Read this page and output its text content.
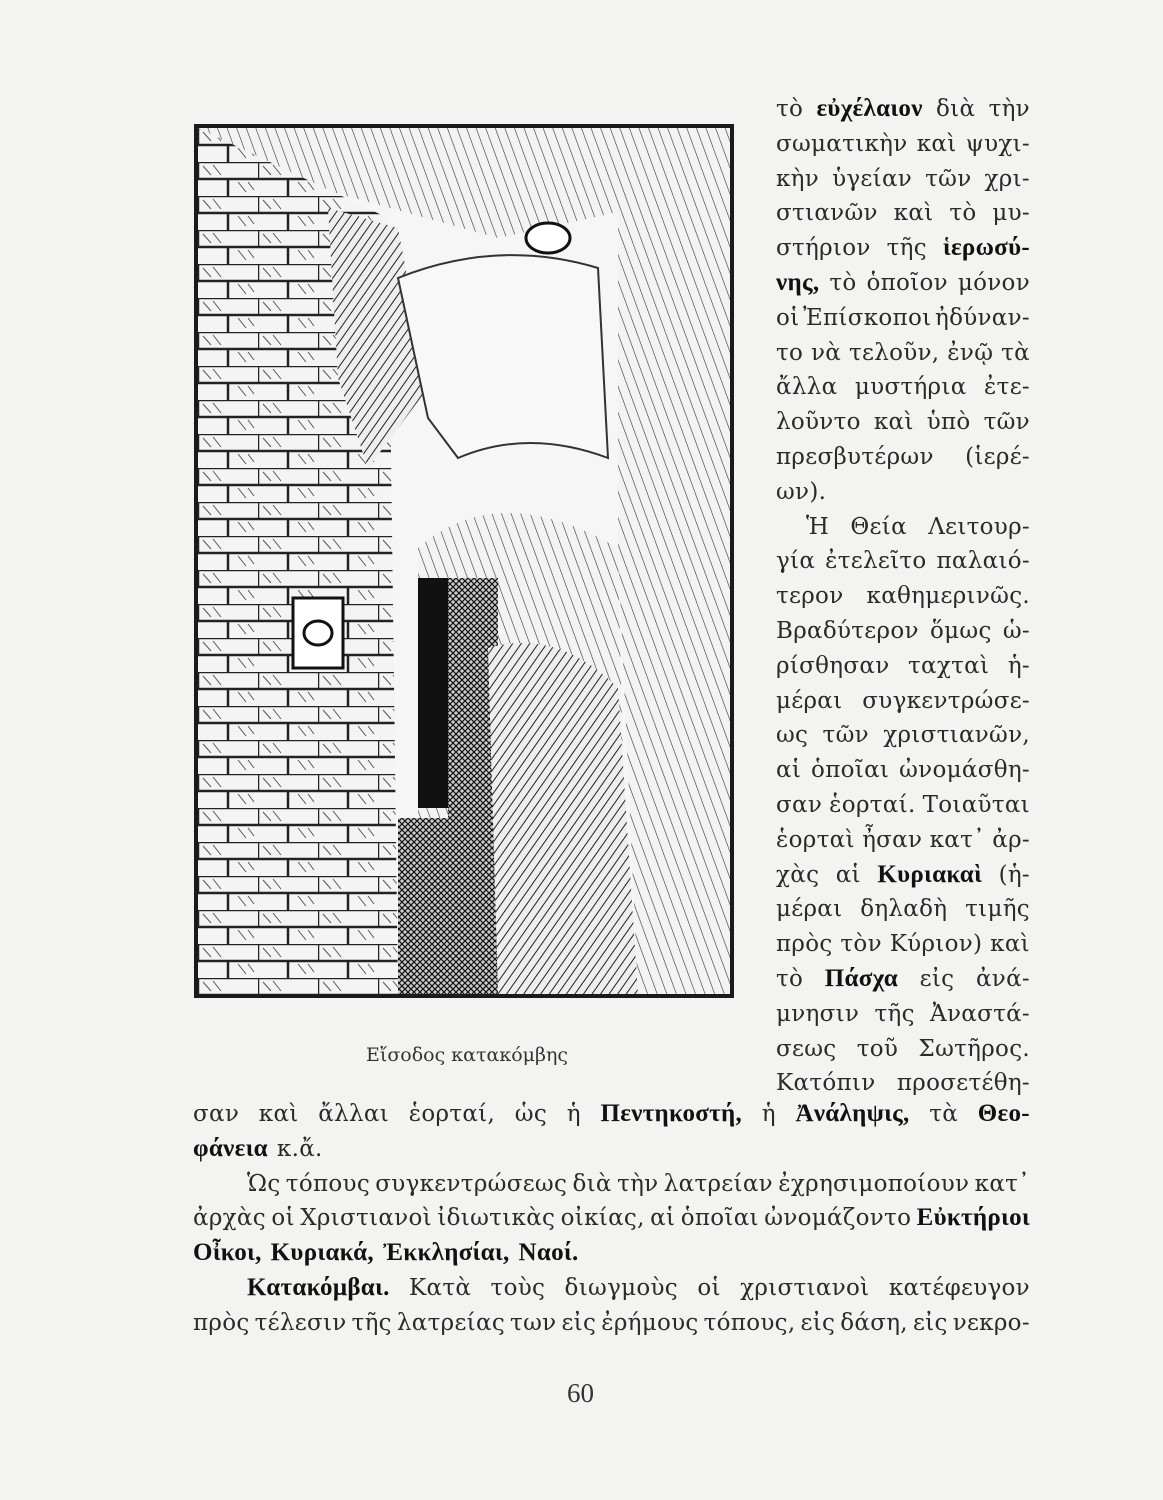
Εἴσοδος κατακόμβης
τὸ εὐχέλαιον διὰ τὴν
σωματικὴν καὶ ψυχι-
κὴν ὑγείαν τῶν χρι-
στιανῶν καὶ τὸ μυ-
στήριον τῆς ἱερωσύ-
νης, τὸ ὁποῖον μόνον
οἱ Ἐπίσκοποι ἠδύναν-
το νὰ τελοῦν, ἐνῷ τὰ
ἄλλα μυστήρια ἐτε-
λοῦντο καὶ ὑπὸ τῶν
πρεσβυτέρων (ἱερέ-
ων).
Ἡ Θεία Λειτουρ-
γία ἐτελεῖτο παλαιό-
τερον καθημερινῶς.
Βραδύτερον ὅμως ὡ-
ρίσθησαν ταχταὶ ἡ-
μέραι συγκεντρώσε-
ως τῶν χριστιανῶν,
αἱ ὁποῖαι ὠνομάσθη-
σαν ἑορταί. Τοιαῦται
ἑορταὶ ἦσαν κατ᾿ ἀρ-
χὰς αἱ Κυριακαὶ (ἡ-
μέραι δηλαδὴ τιμῆς
πρὸς τὸν Κύριον) καὶ
τὸ Πάσχα εἰς ἀνά-
μνησιν τῆς Ἀναστά-
σεως τοῦ Σωτῆρος.
Κατόπιν προσετέθη-
σαν καὶ ἄλλαι ἑορταί, ὡς ἡ Πεντηκοστή, ἡ Ἀνάληψις, τὰ Θεο-
φάνεια κ.ἄ.
Ὡς τόπους συγκεντρώσεως διὰ τὴν λατρείαν ἐχρησιμοποίουν κατ᾿
ἀρχὰς οἱ Χριστιανοὶ ἰδιωτικὰς οἰκίας, αἱ ὁποῖαι ὠνομάζοντο Εὐκτήριοι
Οἶκοι, Κυριακά, Ἐκκλησίαι, Ναοί.
Κατακόμβαι. Κατὰ τοὺς διωγμοὺς οἱ χριστιανοὶ κατέφευγον
πρὸς τέλεσιν τῆς λατρείας των εἰς ἐρήμους τόπους, εἰς δάση, εἰς νεκρο-
60
